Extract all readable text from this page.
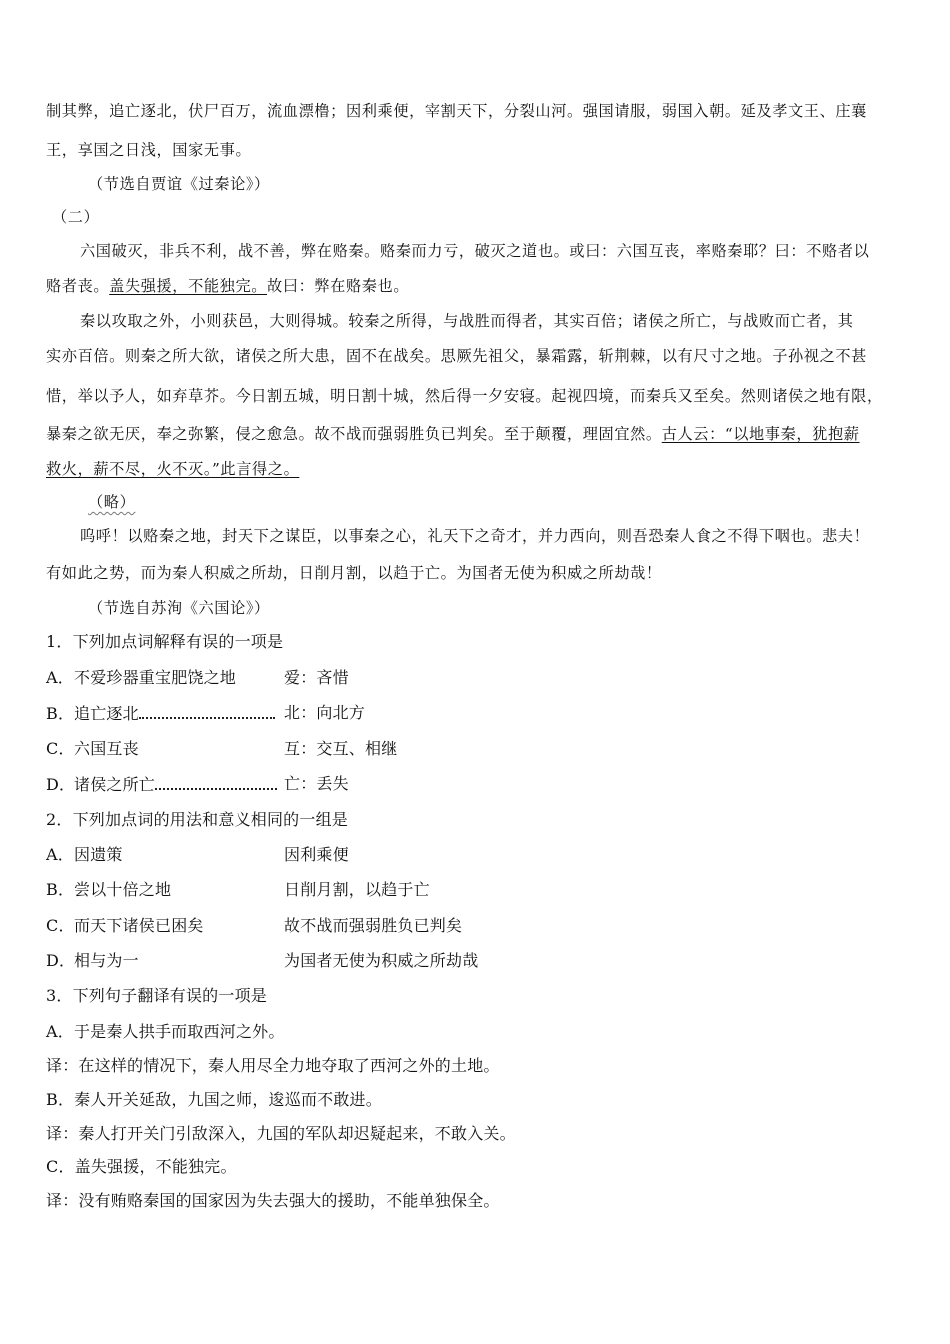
制其弊，追亡逐北，伏尸百万，流血漂橹；因利乘便，宰割天下，分裂山河。强国请服，弱国入朝。延及孝文王、庄襄
王，享国之日浅，国家无事。
（节选自贾谊《过秦论》）
（二）
六国破灭，非兵不利，战不善，弊在赂秦。赂秦而力亏，破灭之道也。或曰：六国互丧，率赂秦耶？曰：不赂者以
赂者丧。盖失强援，不能独完。故曰：弊在赂秦也。
秦以攻取之外，小则获邑，大则得城。较秦之所得，与战胜而得者，其实百倍；诸侯之所亡，与战败而亡者，其
实亦百倍。则秦之所大欲，诸侯之所大患，固不在战矣。思厥先祖父，暴霜露，斩荆棘，以有尺寸之地。子孙视之不甚
惜，举以予人，如弃草芥。今日割五城，明日割十城，然后得一夕安寝。起视四境，而秦兵又至矣。然则诸侯之地有限，
暴秦之欲无厌，奉之弥繁，侵之愈急。故不战而强弱胜负已判矣。至于颠覆，理固宜然。古人云：“以地事秦，犹抱薪
救火，薪不尽，火不灭。”此言得之。
（略）
呜呼！以赂秦之地，封天下之谋臣，以事秦之心，礼天下之奇才，并力西向，则吾恐秦人食之不得下咽也。悲夫！
有如此之势，而为秦人积威之所劫，日削月割，以趋于亡。为国者无使为积威之所劫哉！
（节选自苏洵《六国论》）
1．下列加点词解释有误的一项是
A．不爱珍器重宝肥饶之地	爱：吝惜
B．追亡逐北	北：向北方
C．六国互丧	互：交互、相继
D．诸侯之所亡	亡：丢失
2．下列加点词的用法和意义相同的一组是
A．因遗策	因利乘便
B．尝以十倍之地	日削月割，以趋于亡
C．而天下诸侯已困矣	故不战而强弱胜负已判矣
D．相与为一	为国者无使为积威之所劫哉
3．下列句子翻译有误的一项是
A．于是秦人拱手而取西河之外。
译：在这样的情况下，秦人用尽全力地夺取了西河之外的土地。
B．秦人开关延敌，九国之师，逡巡而不敢进。
译：秦人打开关门引敌深入，九国的军队却迟疑起来，不敢入关。
C．盖失强援，不能独完。
译：没有贿赂秦国的国家因为失去强大的援助，不能单独保全。
